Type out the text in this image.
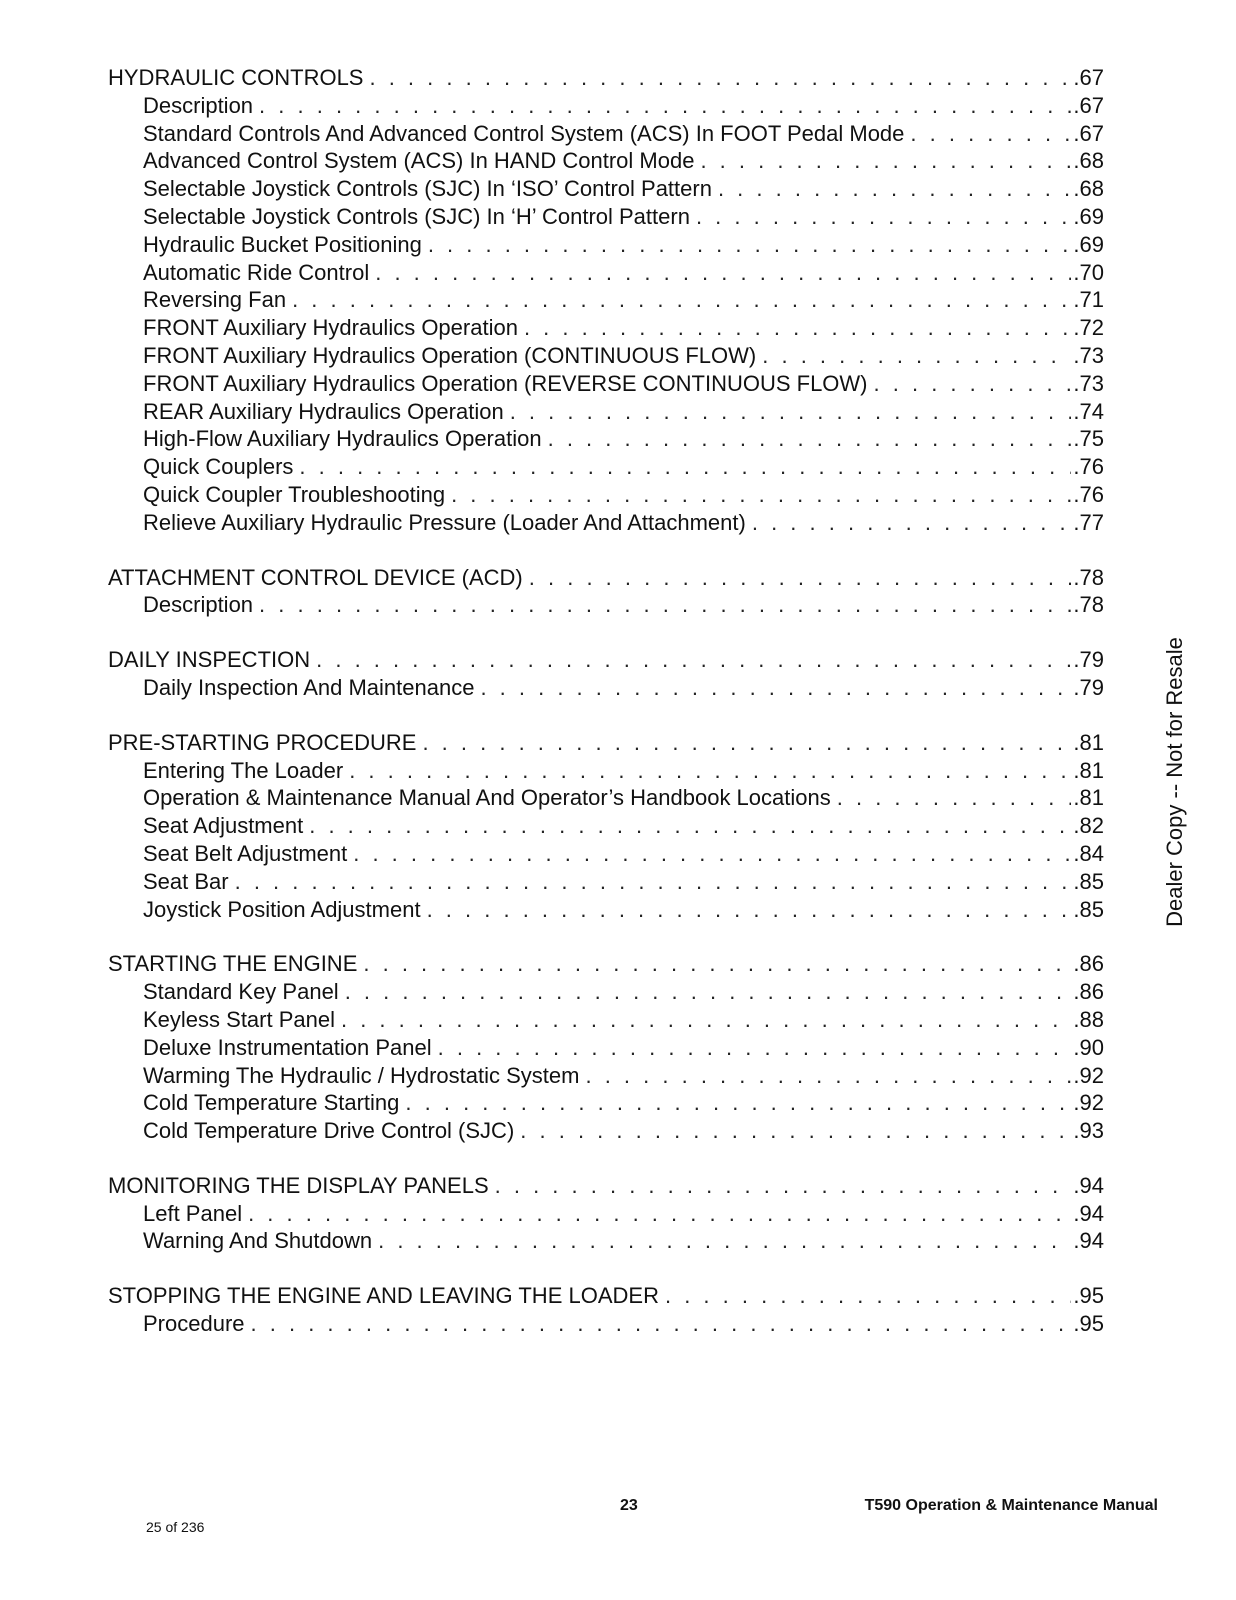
HYDRAULIC CONTROLS . . .	.67
Description . . .	.67
Standard Controls And Advanced Control System (ACS) In FOOT Pedal Mode . . .	.67
Advanced Control System (ACS) In HAND Control Mode . . .	.68
Selectable Joystick Controls (SJC) In ‘ISO’ Control Pattern . . .	.68
Selectable Joystick Controls (SJC) In ‘H’ Control Pattern . . .	.69
Hydraulic Bucket Positioning . . .	.69
Automatic Ride Control . . .	.70
Reversing Fan . . .	.71
FRONT Auxiliary Hydraulics Operation . . .	.72
FRONT Auxiliary Hydraulics Operation (CONTINUOUS FLOW) . . .	.73
FRONT Auxiliary Hydraulics Operation (REVERSE CONTINUOUS FLOW) . . .	.73
REAR Auxiliary Hydraulics Operation . . .	.74
High-Flow Auxiliary Hydraulics Operation . . .	.75
Quick Couplers . . .	.76
Quick Coupler Troubleshooting . . .	.76
Relieve Auxiliary Hydraulic Pressure (Loader And Attachment) . . .	.77
ATTACHMENT CONTROL DEVICE (ACD) . . .	.78
Description . . .	.78
DAILY INSPECTION . . .	.79
Daily Inspection And Maintenance . . .	.79
PRE-STARTING PROCEDURE . . .	.81
Entering The Loader . . .	.81
Operation & Maintenance Manual And Operator’s Handbook Locations . . .	.81
Seat Adjustment . . .	.82
Seat Belt Adjustment . . .	.84
Seat Bar . . .	.85
Joystick Position Adjustment . . .	.85
STARTING THE ENGINE . . .	.86
Standard Key Panel . . .	.86
Keyless Start Panel . . .	.88
Deluxe Instrumentation Panel . . .	.90
Warming The Hydraulic / Hydrostatic System . . .	.92
Cold Temperature Starting . . .	.92
Cold Temperature Drive Control (SJC) . . .	.93
MONITORING THE DISPLAY PANELS . . .	.94
Left Panel . . .	.94
Warning And Shutdown . . .	.94
STOPPING THE ENGINE AND LEAVING THE LOADER . . .	.95
Procedure . . .	.95
Dealer Copy -- Not for Resale
23	T590 Operation & Maintenance Manual
25 of 236
